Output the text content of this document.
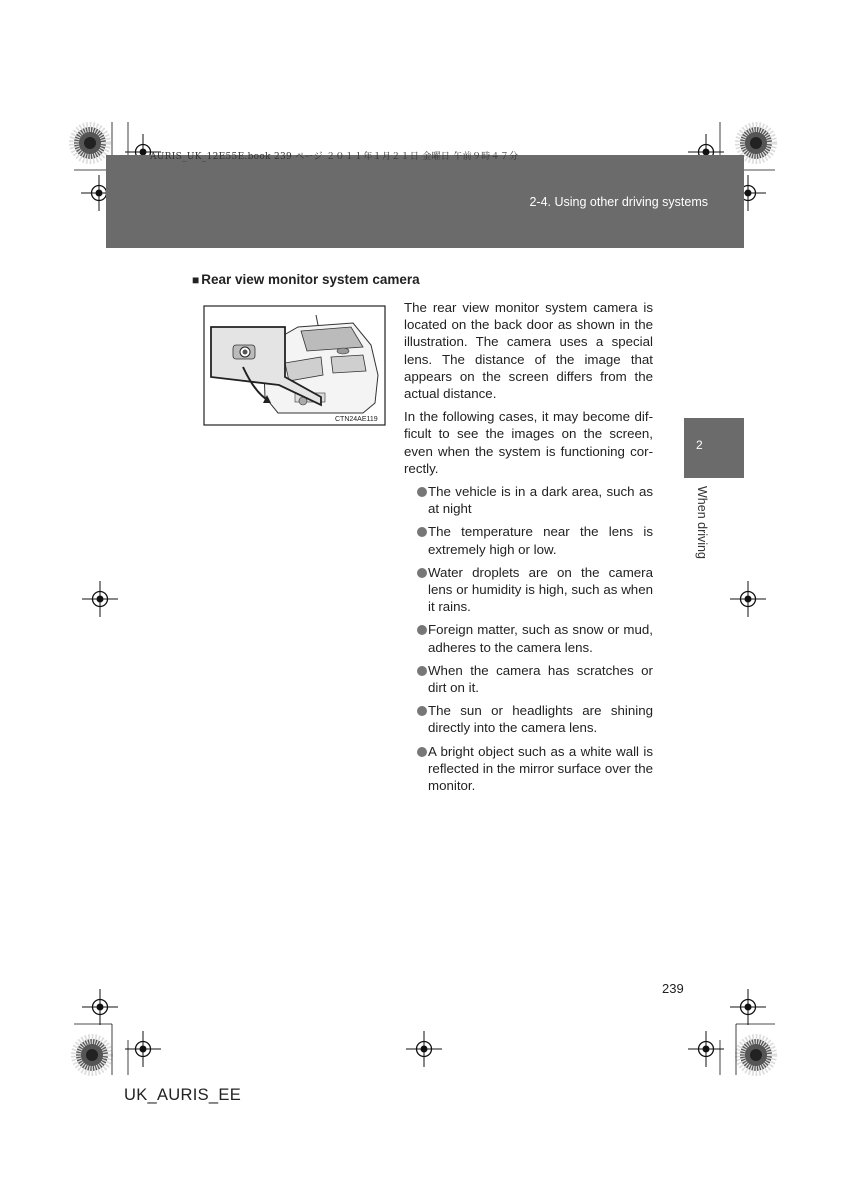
AURIS_UK_12E55E.book 239 ページ ２０１１年１月２１日 金曜日 午前９時４７分
2-4. Using other driving systems
2
When driving
■ Rear view monitor system camera
CTN24AE119

The rear view monitor system camera is located on the back door as shown in the illustration. The camera uses a special lens. The distance of the image that appears on the screen differs from the actual distance.

In the following cases, it may become dif-ficult to see the images on the screen, even when the system is functioning cor-rectly.

The vehicle is in a dark area, such as at night
The temperature near the lens is extremely high or low.
Water droplets are on the camera lens or humidity is high, such as when it rains.
Foreign matter, such as snow or mud, adheres to the camera lens.
When the camera has scratches or dirt on it.
The sun or headlights are shining directly into the camera lens.
A bright object such as a white wall is reflected in the mirror surface over the monitor.
239
UK_AURIS_EE
